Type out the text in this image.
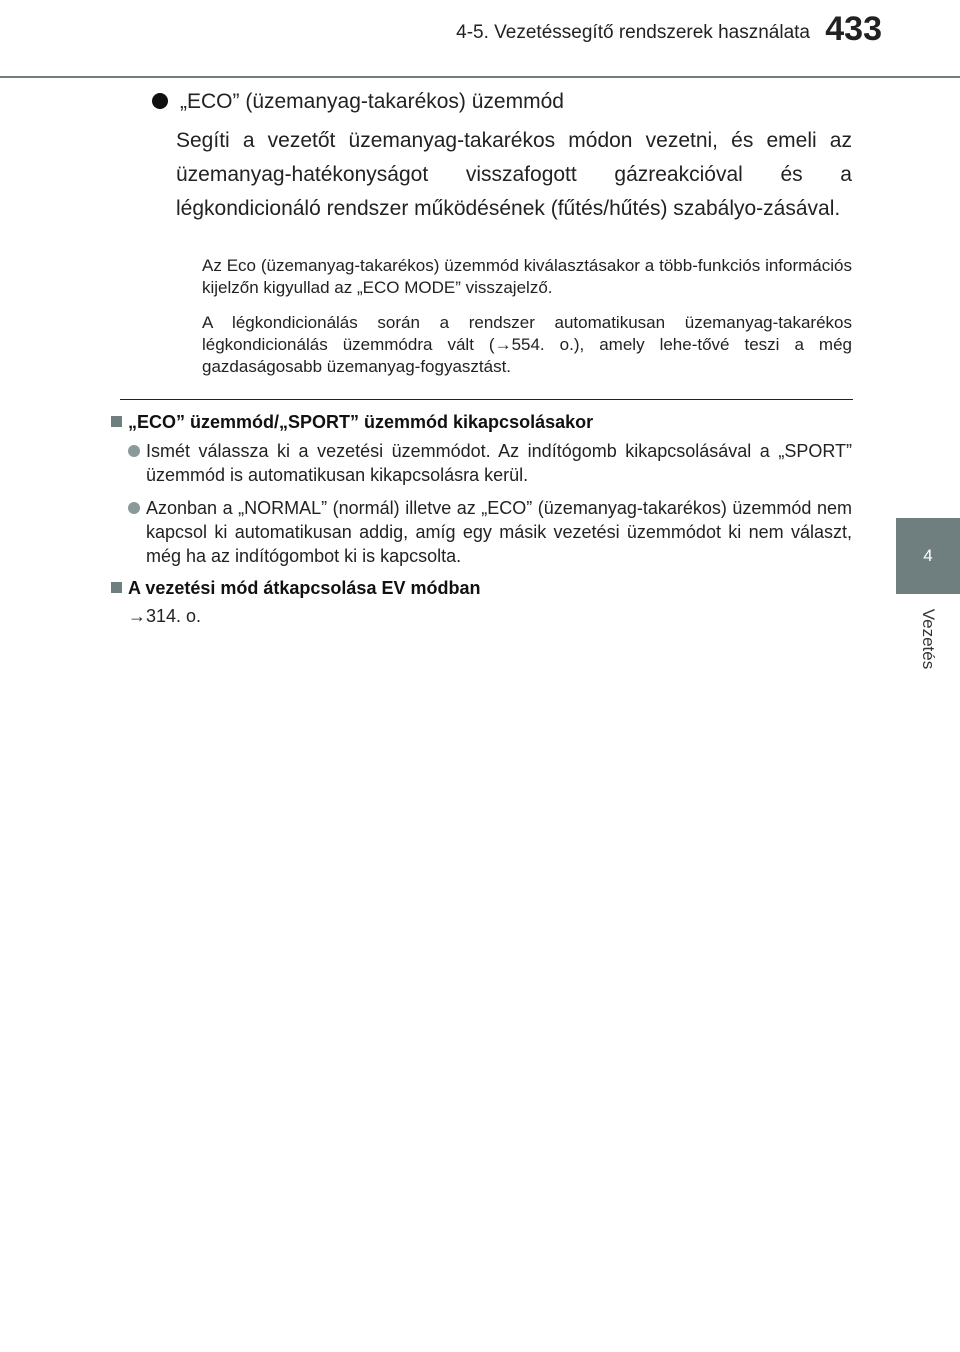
4-5. Vezetéssegítő rendszerek használata 433
4
Vezetés
„ECO” (üzemanyag-takarékos) üzemmód
Segíti a vezetőt üzemanyag-takarékos módon vezetni, és emeli az üzemanyag-hatékonyságot visszafogott gázreakcióval és a légkondicionáló rendszer működésének (fűtés/hűtés) szabályo-zásával.
Az Eco (üzemanyag-takarékos) üzemmód kiválasztásakor a több-funkciós információs kijelzőn kigyullad az „ECO MODE” visszajelző.
A légkondicionálás során a rendszer automatikusan üzemanyag-takarékos légkondicionálás üzemmódra vált (→554. o.), amely lehe-tővé teszi a még gazdaságosabb üzemanyag-fogyasztást.
„ECO” üzemmód/„SPORT” üzemmód kikapcsolásakor
Ismét válassza ki a vezetési üzemmódot. Az indítógomb kikapcsolásával a „SPORT” üzemmód is automatikusan kikapcsolásra kerül.
Azonban a „NORMAL” (normál) illetve az „ECO” (üzemanyag-takarékos) üzemmód nem kapcsol ki automatikusan addig, amíg egy másik vezetési üzemmódot ki nem választ, még ha az indítógombot ki is kapcsolta.
A vezetési mód átkapcsolása EV módban
→314. o.
